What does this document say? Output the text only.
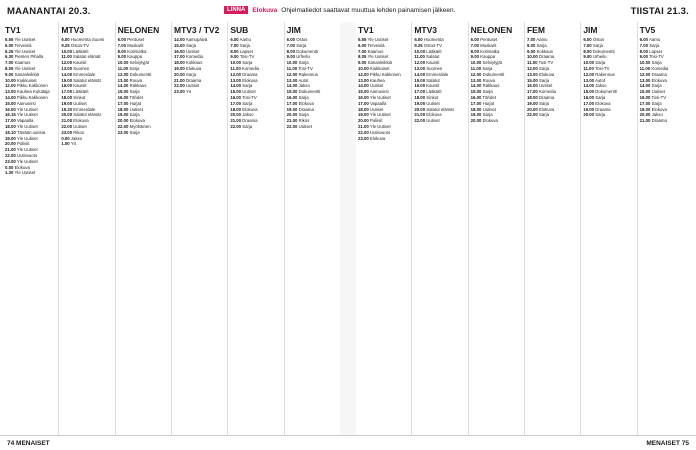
MAANANTAI 20.3.	LINNA	Elokuva Ohjelmatiedot saattavat muuttua lehden painamisen jälkeen.	TIISTAI 21.3.
TV1
5.55 Yle Uutiset
6.00 Terveisiä
6.25 Yle Uutiset
6.30 Pienten Pihalla
7.00 Kaamos
8.05 Yle Uutiset
9.00 Sananleikkiä
10.00 Kiukkuiset
12.00 Pikku Kakkonen
13.00 Kauhea Kuluttaja
14.00 Pikku Kakkonen
15.00 Aamuvirsi
16.00 Yle Uutiset
16.15 Yle Uutiset
17.00 Vapaalla
18.00 Yle Uutiset
18.10 Tänään uutisia
19.00 Yle Uutiset
20.00 Poliisit
21.00 Yle Uutiset
22.00 Uutisvuoto
23.00 Yle Uutiset
0.00 Elokuva
1.30 Yle Uutiset
MTV3
6.00 Huomenta Suomi
9.25 Ostos-TV
10.00 Lääkärit
11.00 Salatut elämät
12.00 Kauniit
13.00 Suomen
14.00 Emmerdale
15.00 Salatut elämät
16.00 Kauniit
17.00 Lääkärit
18.00 Sinkut
19.00 Uutiset
19.30 Emmerdale
20.00 Salatut elämät
21.00 Elokuva
22.00 Uutiset
23.00 Rikos
0.00 Jakso
1.00 Yö
NELONEN
6.00 Pentuset
7.00 Muskarit
8.00 Kotimatka
9.00 Kauppa
10.00 Selviytyjät
11.00 Sarja
12.00 Dokumentti
13.00 Rouva
14.00 Rakkaus
15.00 Sarja
16.00 Tähdet
17.00 Hurjat
18.00 Uutiset
19.00 Sarja
20.00 Elokuva
22.00 Myöhäinen
23.00 Sarja
MTV3 / TV2
14.00 Aamupäivä
15.00 Sarja
16.00 Uutiset
17.00 Komedia
18.00 Kokkaus
19.00 Elokuva
20.00 Sarja
21.00 Draama
22.00 Uutiset
23.00 Yö
SUB
6.00 Aamu
7.00 Sarja
8.00 Lapset
9.00 Tosi-TV
10.00 Sarja
11.00 Komedia
12.00 Draama
13.00 Elokuva
14.00 Sarja
15.00 Uutiset
16.00 Tosi-TV
17.00 Sarja
18.00 Elokuva
20.00 Jakso
21.00 Draama
22.00 Sarja
JIM
6.00 Ostos
7.00 Sarja
8.00 Dokumentti
9.00 Urheilu
10.00 Sarja
11.00 Tosi-TV
12.00 Rakennus
13.00 Autot
14.00 Jakso
15.00 Dokumentti
16.00 Sarja
17.00 Elokuva
19.00 Draama
20.00 Sarja
21.00 Rikos
22.00 Uutiset
TV1
5.55 Yle Uutiset
6.00 Terveisiä
7.00 Kaamos
8.05 Yle Uutiset
9.00 Sananleikkiä
10.00 Kiukkuiset
12.00 Pikku Kakkonen
13.00 Kauhea
14.00 Uutiset
15.00 Aamuvirsi
16.00 Yle Uutiset
17.00 Vapaalla
18.00 Uutiset
19.00 Yle Uutiset
20.00 Poliisit
21.00 Yle Uutiset
22.00 Uutisvuoto
23.00 Elokuva
MTV3
6.00 Huomenta
9.25 Ostos-TV
10.00 Lääkärit
11.00 Salatut
12.00 Kauniit
13.00 Suomen
14.00 Emmerdale
15.00 Salatut
16.00 Kauniit
17.00 Lääkärit
18.00 Sinkut
19.00 Uutiset
20.00 Salatut elämät
21.00 Elokuva
22.00 Uutiset
NELONEN
6.00 Pentuset
7.00 Muskarit
8.00 Kotimatka
9.00 Kauppa
10.00 Selviytyjät
11.00 Sarja
12.00 Dokumentti
13.00 Rouva
14.00 Rakkaus
15.00 Sarja
16.00 Tähdet
17.00 Hurjat
18.00 Uutiset
19.00 Sarja
20.00 Elokuva
FEM
7.00 Aamu
8.00 Sarja
9.00 Kokkaus
10.00 Draama
11.00 Tosi-TV
12.00 Sarja
13.00 Elokuva
15.00 Sarja
16.00 Uutiset
17.00 Komedia
18.00 Draama
19.00 Sarja
20.00 Elokuva
22.00 Sarja
JIM
6.00 Ostos
7.00 Sarja
8.00 Dokumentti
9.00 Urheilu
10.00 Sarja
11.00 Tosi-TV
12.00 Rakennus
13.00 Autot
14.00 Jakso
15.00 Dokumentti
16.00 Sarja
17.00 Elokuva
19.00 Draama
20.00 Sarja
TV5
6.00 Aamu
7.00 Sarja
8.00 Lapset
9.00 Tosi-TV
10.00 Sarja
11.00 Komedia
12.00 Draama
13.00 Elokuva
14.00 Sarja
15.00 Uutiset
16.00 Tosi-TV
17.00 Sarja
18.00 Elokuva
20.00 Jakso
21.00 Draama
74 MENAISET	MENAISET 75
